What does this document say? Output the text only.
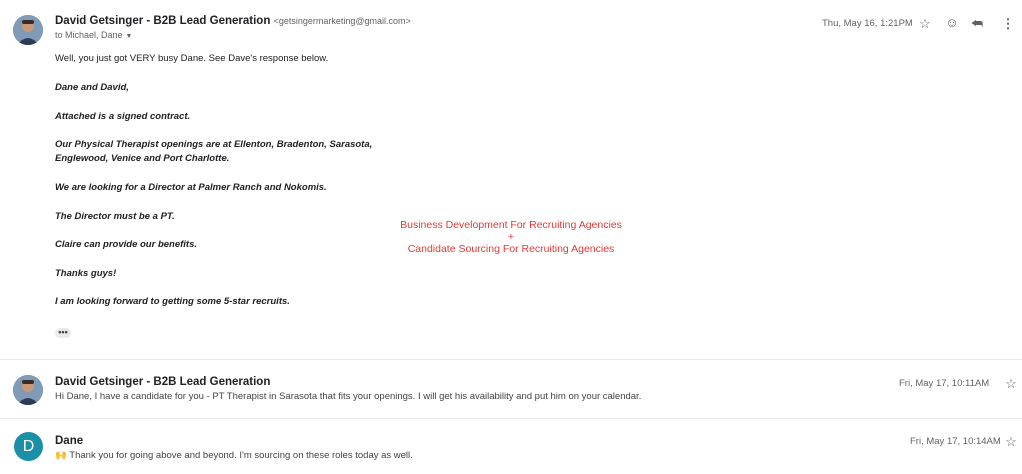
David Getsinger - B2B Lead Generation <getsingermarketing@gmail.com>
to Michael, Dane ▼
Thu, May 16, 1:21PM ☆ ☺ ⮪ ⋮
Well, you just got VERY busy Dane. See Dave's response below.
Dane and David,
Attached is a signed contract.
Our Physical Therapist openings are at Ellenton, Bradenton, Sarasota,
Englewood, Venice and Port Charlotte.
We are looking for a Director at Palmer Ranch and Nokomis.
The Director must be a PT.
Claire can provide our benefits.
Thanks guys!
I am looking forward to getting some 5-star recruits.
•••
Business Development For Recruiting Agencies
+
Candidate Sourcing For Recruiting Agencies
David Getsinger - B2B Lead Generation
Hi Dane, I have a candidate for you - PT Therapist in Sarasota that fits your openings. I will get his availability and put him on your calendar.
Fri, May 17, 10:11AM ☆
D	Dane
🙌 Thank you for going above and beyond. I'm sourcing on these roles today as well.
Fri, May 17, 10:14AM ☆
